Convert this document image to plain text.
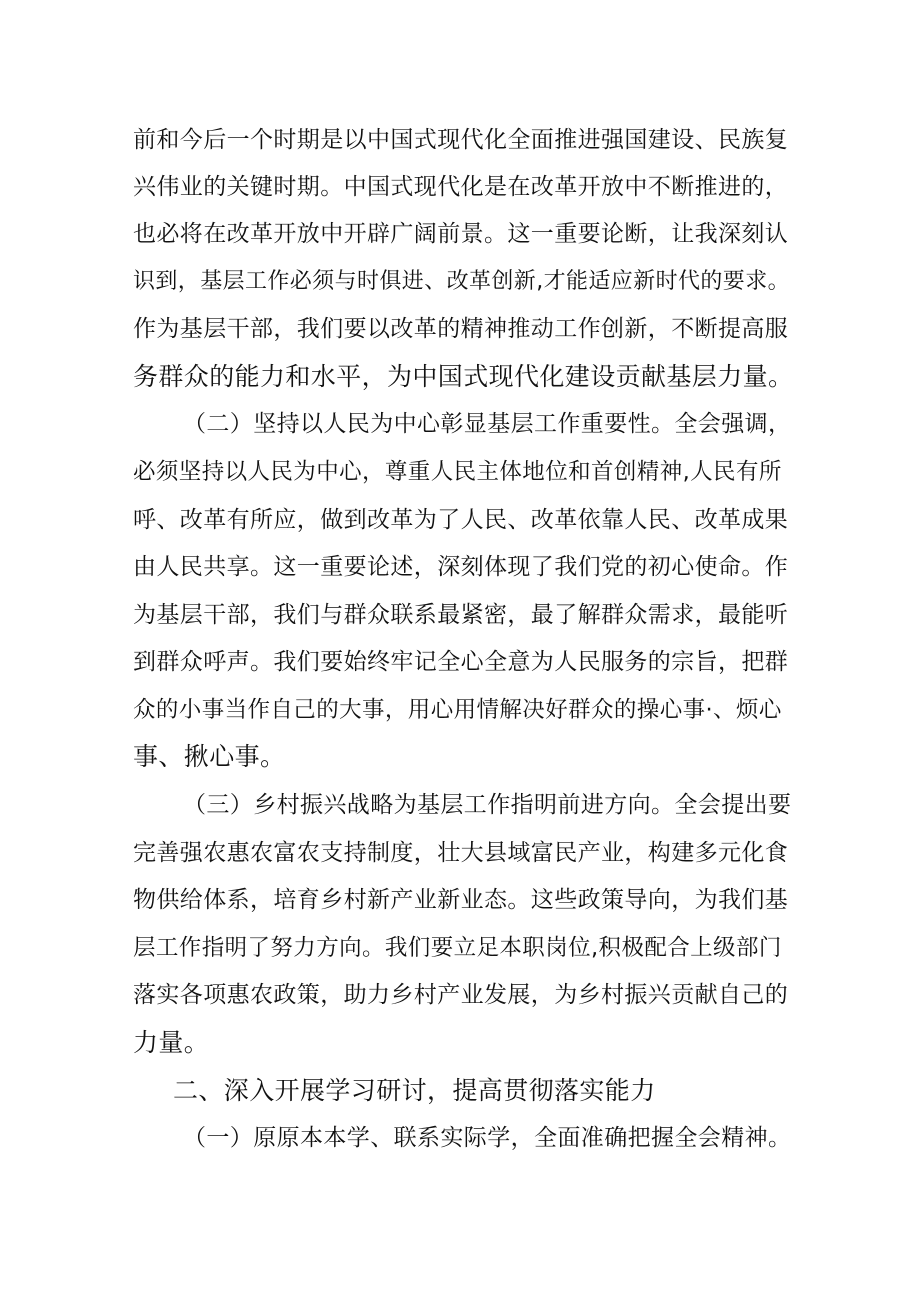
前和今后一个时期是以中国式现代化全面推进强国建设、民族复
兴伟业的关键时期。中国式现代化是在改革开放中不断推进的，
也必将在改革开放中开辟广阔前景。这一重要论断，让我深刻认
识到，基层工作必须与时俱进、改革创新,才能适应新时代的要求。
作为基层干部，我们要以改革的精神推动工作创新，不断提高服
务群众的能力和水平，为中国式现代化建设贡献基层力量。
（二）坚持以人民为中心彰显基层工作重要性。全会强调，
必须坚持以人民为中心，尊重人民主体地位和首创精神,人民有所
呼、改革有所应，做到改革为了人民、改革依靠人民、改革成果
由人民共享。这一重要论述，深刻体现了我们党的初心使命。作
为基层干部，我们与群众联系最紧密，最了解群众需求，最能听
到群众呼声。我们要始终牢记全心全意为人民服务的宗旨，把群
众的小事当作自己的大事，用心用情解决好群众的操心事·、烦心
事、揪心事。
（三）乡村振兴战略为基层工作指明前进方向。全会提出要
完善强农惠农富农支持制度，壮大县域富民产业，构建多元化食
物供给体系，培育乡村新产业新业态。这些政策导向，为我们基
层工作指明了努力方向。我们要立足本职岗位,积极配合上级部门
落实各项惠农政策，助力乡村产业发展，为乡村振兴贡献自己的
力量。
二、深入开展学习研讨，提高贯彻落实能力
（一）原原本本学、联系实际学，全面准确把握全会精神。
